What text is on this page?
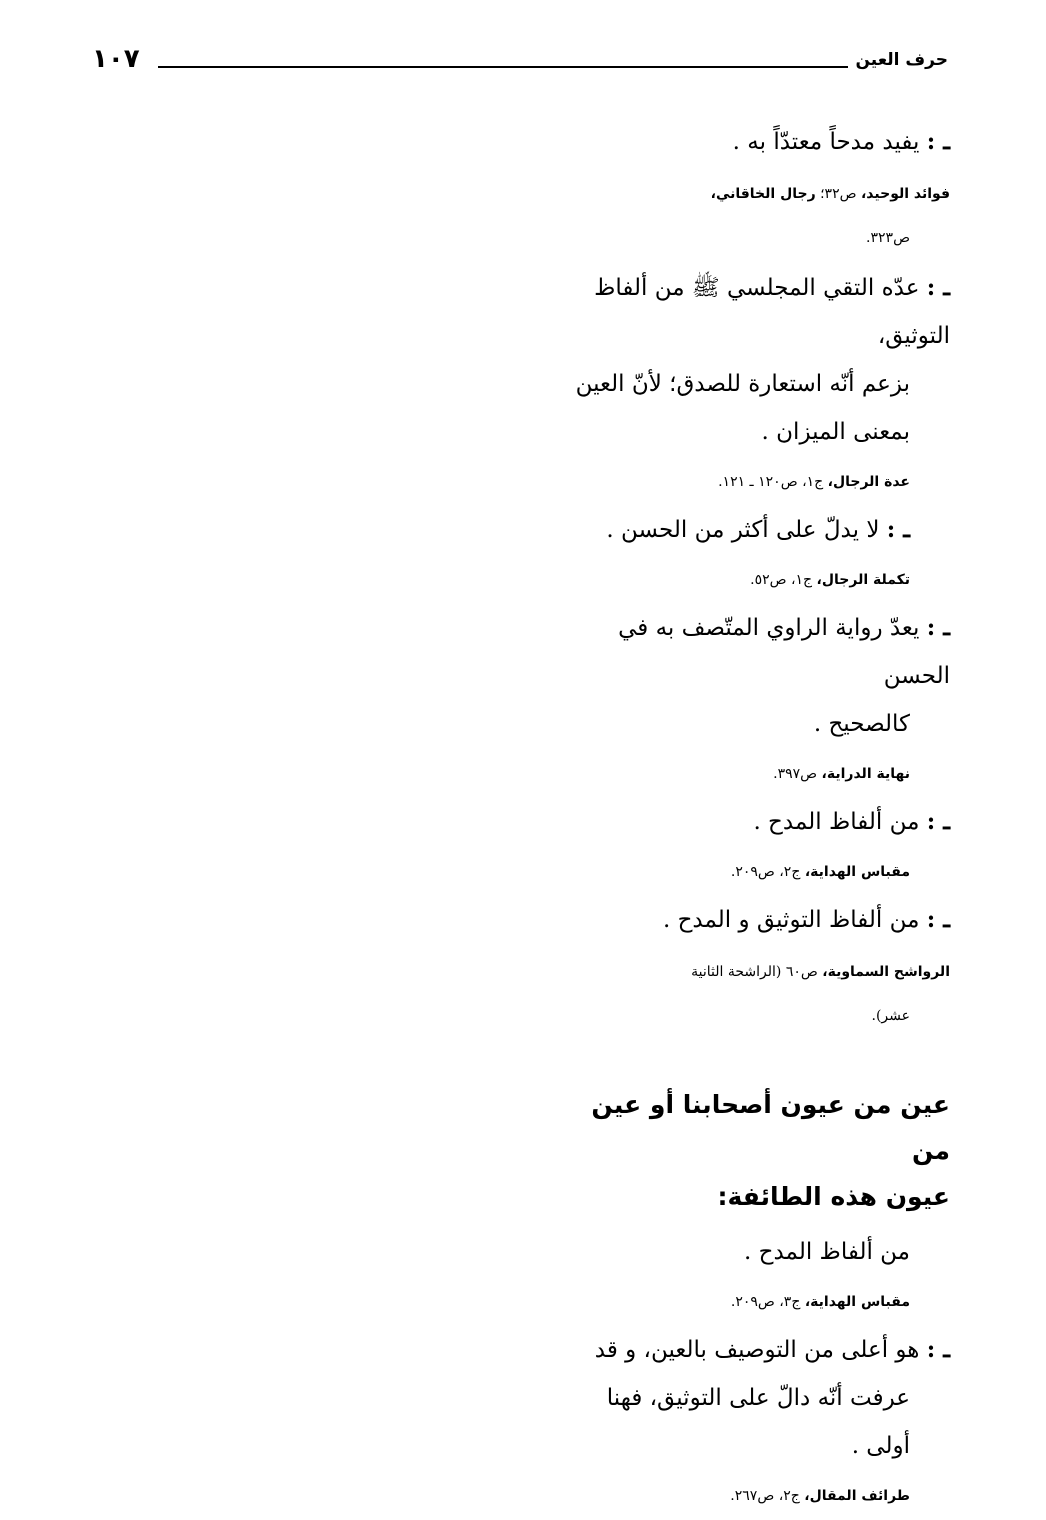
١٠٧	حرف العين

ـ : يفيد مدحاً معتدّاً به .

فوائد الوحيد، ص٣٢؛ رجال الخاقاني،
ص٣٢٣.

ـ : عدّه التقي المجلسي ﷺ من ألفاظ التوثيق،

بزعم أنّه استعارة للصدق؛ لأنّ العين

بمعنى الميزان .

عدة الرجال، ج١، ص١٢٠ ـ ١٢١.

ـ : لا يدلّ على أكثر من الحسن .

تكملة الرجال، ج١، ص٥٢.

ـ : يعدّ رواية الراوي المتّصف به في الحسن

كالصحيح .

نهاية الدراية، ص٣٩٧.

ـ : من ألفاظ المدح .

مقباس الهداية، ج٢، ص٢٠٩.

ـ : من ألفاظ التوثيق و المدح .

الرواشح السماوية، ص٦٠ (الراشحة الثانية
عشر).

عين من عيون أصحابنا أو عين من
عيون هذه الطائفة:

من ألفاظ المدح .

مقباس الهداية، ج٣، ص٢٠٩.

ـ : هو أعلى من التوصيف بالعين، و قد

عرفت أنّه دالّ على التوثيق، فهنا أولى .

طرائف المقال، ج٢، ص٢٦٧.
